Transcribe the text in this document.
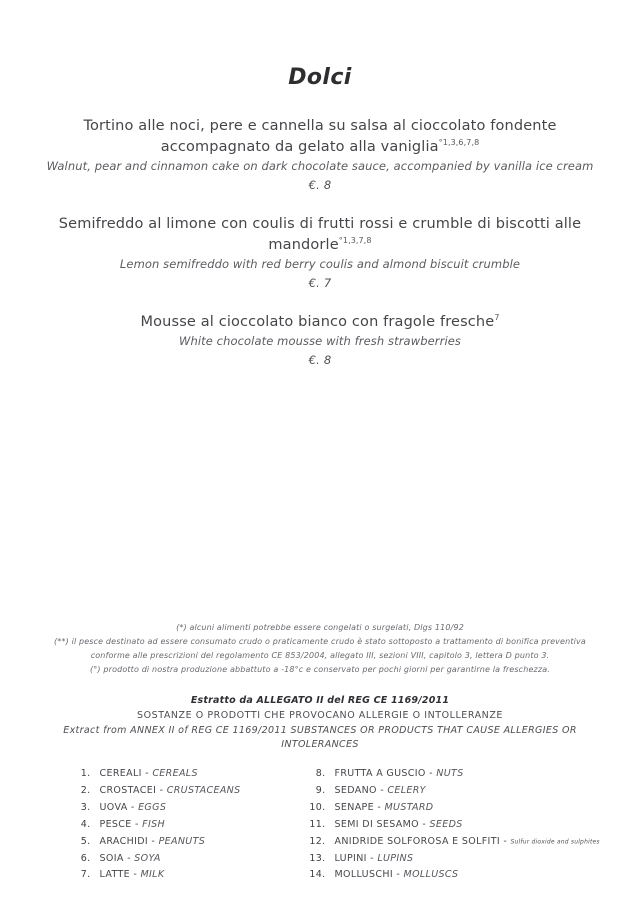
Dolci
Tortino alle noci, pere e cannella su salsa al cioccolato fondente accompagnato da gelato alla vaniglia$^{^\circ 1,3,6,7,8}$
Walnut, pear and cinnamon cake on dark chocolate sauce, accompanied by vanilla ice cream
€. 8
Semifreddo al limone con coulis di frutti rossi e crumble di biscotti alle mandorle$^{^\circ 1,3,7,8}$
Lemon semifreddo with red berry coulis and almond biscuit crumble
€. 7
Mousse al cioccolato bianco con fragole fresche$^7$
White chocolate mousse with fresh strawberries
€. 8
(*) alcuni alimenti potrebbe essere congelati o surgelati, Dlgs 110/92
(**) il pesce destinato ad essere consumato crudo o praticamente crudo è stato sottoposto a trattamento di bonifica preventiva
conforme alle prescrizioni del regolamento CE 853/2004, allegato III, sezioni VIII, capitolo 3, lettera D punto 3.
(°) prodotto di nostra produzione abbattuto a -18°c e conservato per pochi giorni per garantirne la freschezza.
Estratto da ALLEGATO II del REG CE 1169/2011
SOSTANZE O PRODOTTI CHE PROVOCANO ALLERGIE O INTOLLERANZE
Extract from ANNEX II of REG CE 1169/2011 SUBSTANCES OR PRODUCTS THAT CAUSE ALLERGIES OR INTOLERANCES
1. CEREALI - CEREALS
2. CROSTACEI - CRUSTACEANS
3. UOVA - EGGS
4. PESCE - FISH
5. ARACHIDI - PEANUTS
6. SOIA - SOYA
7. LATTE - MILK
8. FRUTTA A GUSCIO - NUTS
9. SEDANO - CELERY
10. SENAPE - MUSTARD
11. SEMI DI SESAMO - SEEDS
12. ANIDRIDE SOLFOROSA E SOLFITI - Sulfur dioxide and sulphites
13. LUPINI - LUPINS
14. MOLLUSCHI - MOLLUSCS
